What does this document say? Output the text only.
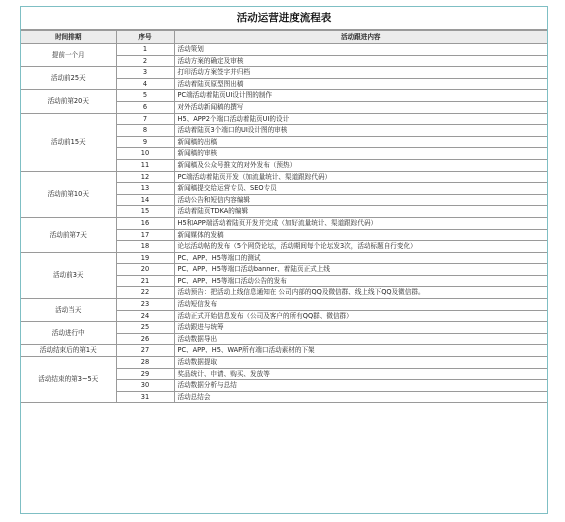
活动运营进度流程表
时间排期	序号	活动跟进内容
提前一个月	1	活动策划
	2	活动方案的确定及审核
活动前25天	3	打印活动方案签字并归档
	4	活动着陆页原型图出稿
活动前第20天	5	PC端活动着陆页UI设计图的制作
	6	对外活动新闻稿的撰写
活动前15天	7	H5、APP2个端口活动着陆页UI的设计
	8	活动着陆页3个端口的UI设计图的审核
	9	新闻稿的出稿
	10	新闻稿的审核
	11	新闻稿及公众号推文的对外发布（预热）
活动前第10天	12	PC端活动着陆页开发（加流量统计、渠道跟踪代码）
	13	新闻稿提交给运营专员、SEO专员
	14	活动公告和短信内容编辑
	15	活动着陆页TDKA的编辑
活动前第7天	16	H5和APP端活动着陆页开发并完成（加好流量统计、渠道跟踪代码）
	17	新闻媒体的发稿
	18	论坛活动帖的发布（5个网贷论坛，活动期间每个论坛发3次，活动标题自行变化）
活动前3天	19	PC、APP、H5等端口的测试
	20	PC、APP、H5等端口活动banner、着陆页正式上线
	21	PC、APP、H5等端口活动公告的发布
	22	活动预告：把活动上线信息通知在 公司内部的QQ及微信群、线上线下QQ及微信群。
活动当天	23	活动短信发布
	24	活动正式开始信息发布（公司及客户的所有QQ群、微信群）
活动进行中	25	活动跟进与统筹
	26	活动数据导出
活动结束后的第1天	27	PC、APP、H5、WAP所有端口活动素材的下架
活动结束的第3~5天	28	活动数据提取
	29	奖品统计、申请、购买、发放等
	30	活动数据分析与总结
	31	活动总结会
